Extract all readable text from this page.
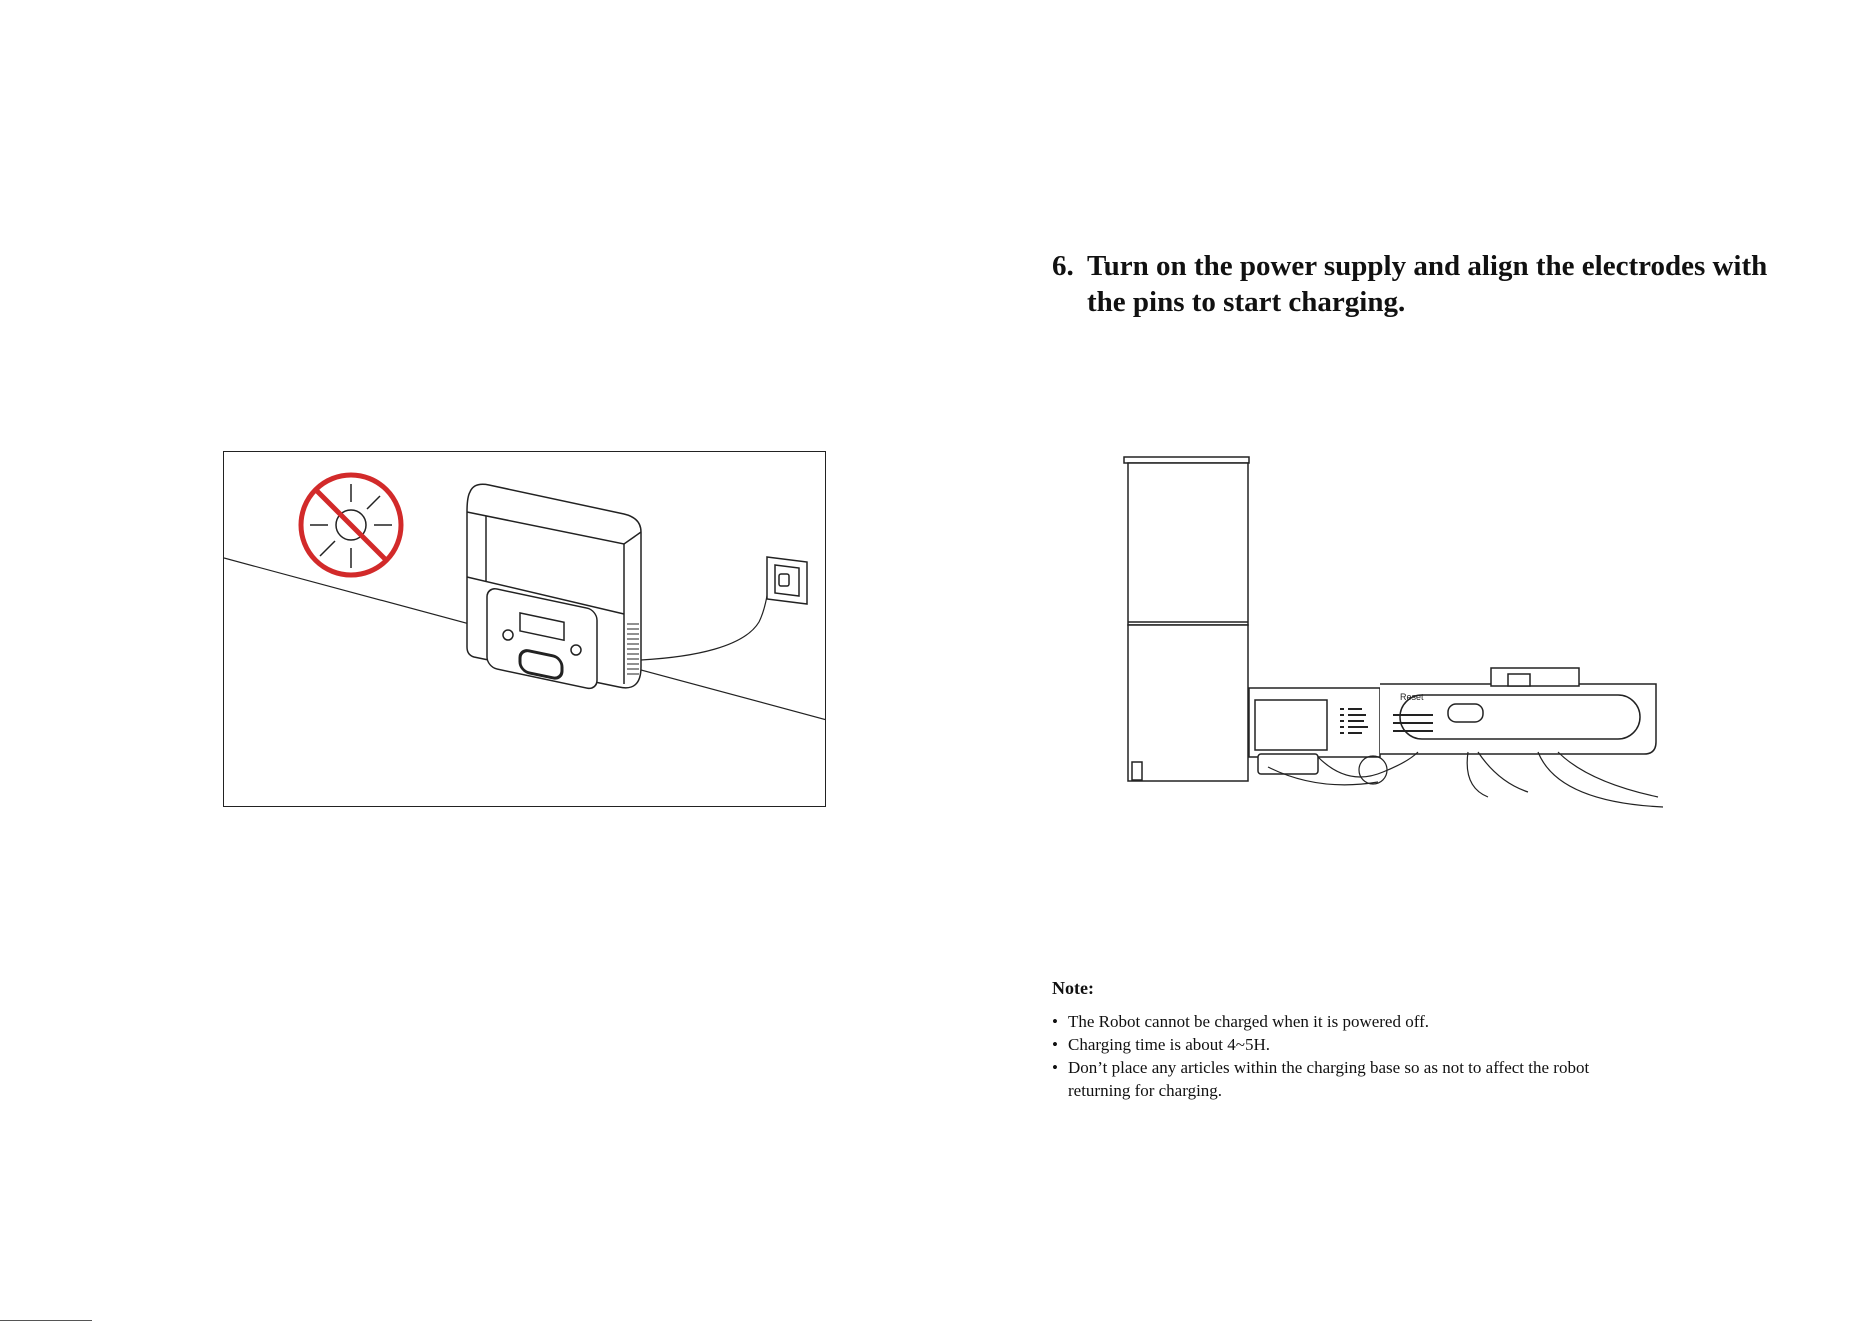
6. Turn on the power supply and align the electrodes with the pins to start charging.
Reset
Note:
• The Robot cannot be charged when it is powered off.
• Charging time is about 4~5H.
• Don’t place any articles within the charging base so as not to affect the robot returning for charging.
